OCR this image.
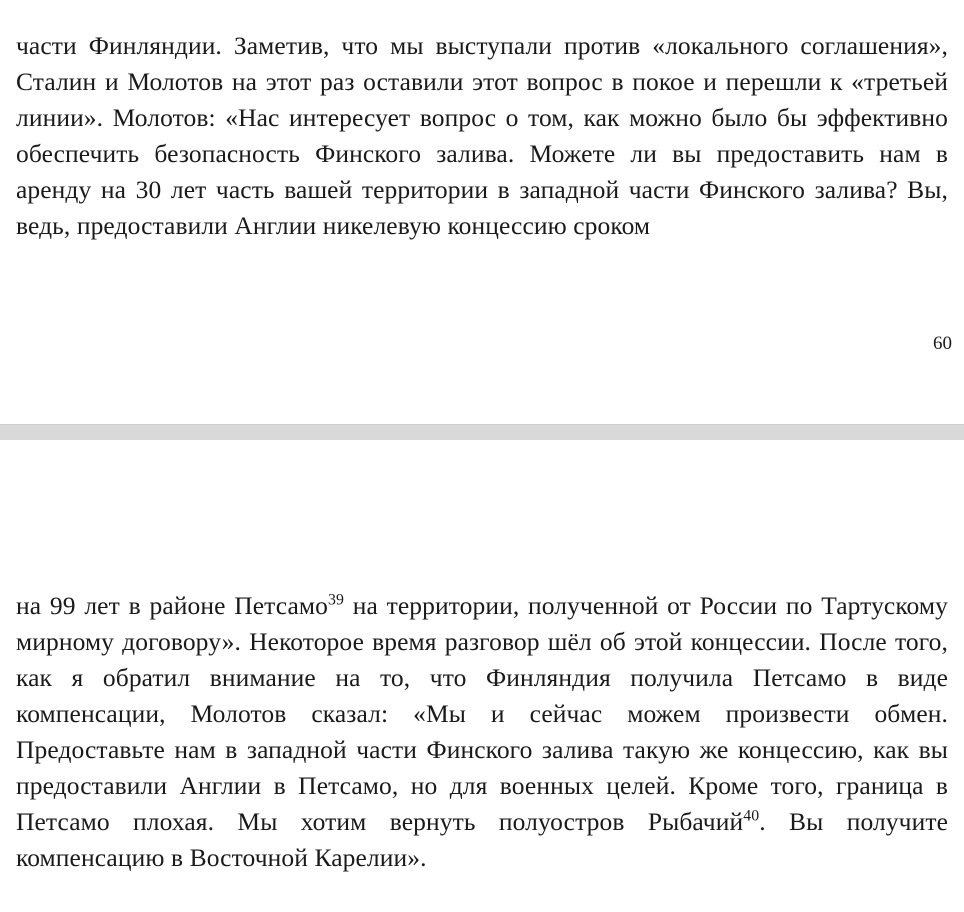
части Финляндии. Заметив, что мы выступали против «локального соглашения», Сталин и Молотов на этот раз оставили этот вопрос в покое и перешли к «третьей линии». Молотов: «Нас интересует вопрос о том, как можно было бы эффективно обеспечить безопасность Финского залива. Можете ли вы предоставить нам в аренду на 30 лет часть вашей территории в западной части Финского залива? Вы, ведь, предоставили Англии никелевую концессию сроком

60

на 99 лет в районе Петсамо$^{39}$ на территории, полученной от России по Тартускому мирному договору». Некоторое время разговор шёл об этой концессии. После того, как я обратил внимание на то, что Финляндия получила Петсамо в виде компенсации, Молотов сказал: «Мы и сейчас можем произвести обмен. Предоставьте нам в западной части Финского залива такую же концессию, как вы предоставили Англии в Петсамо, но для военных целей. Кроме того, граница в Петсамо плохая. Мы хотим вернуть полуостров Рыбачий$^{40}$. Вы получите компенсацию в Восточной Карелии».
